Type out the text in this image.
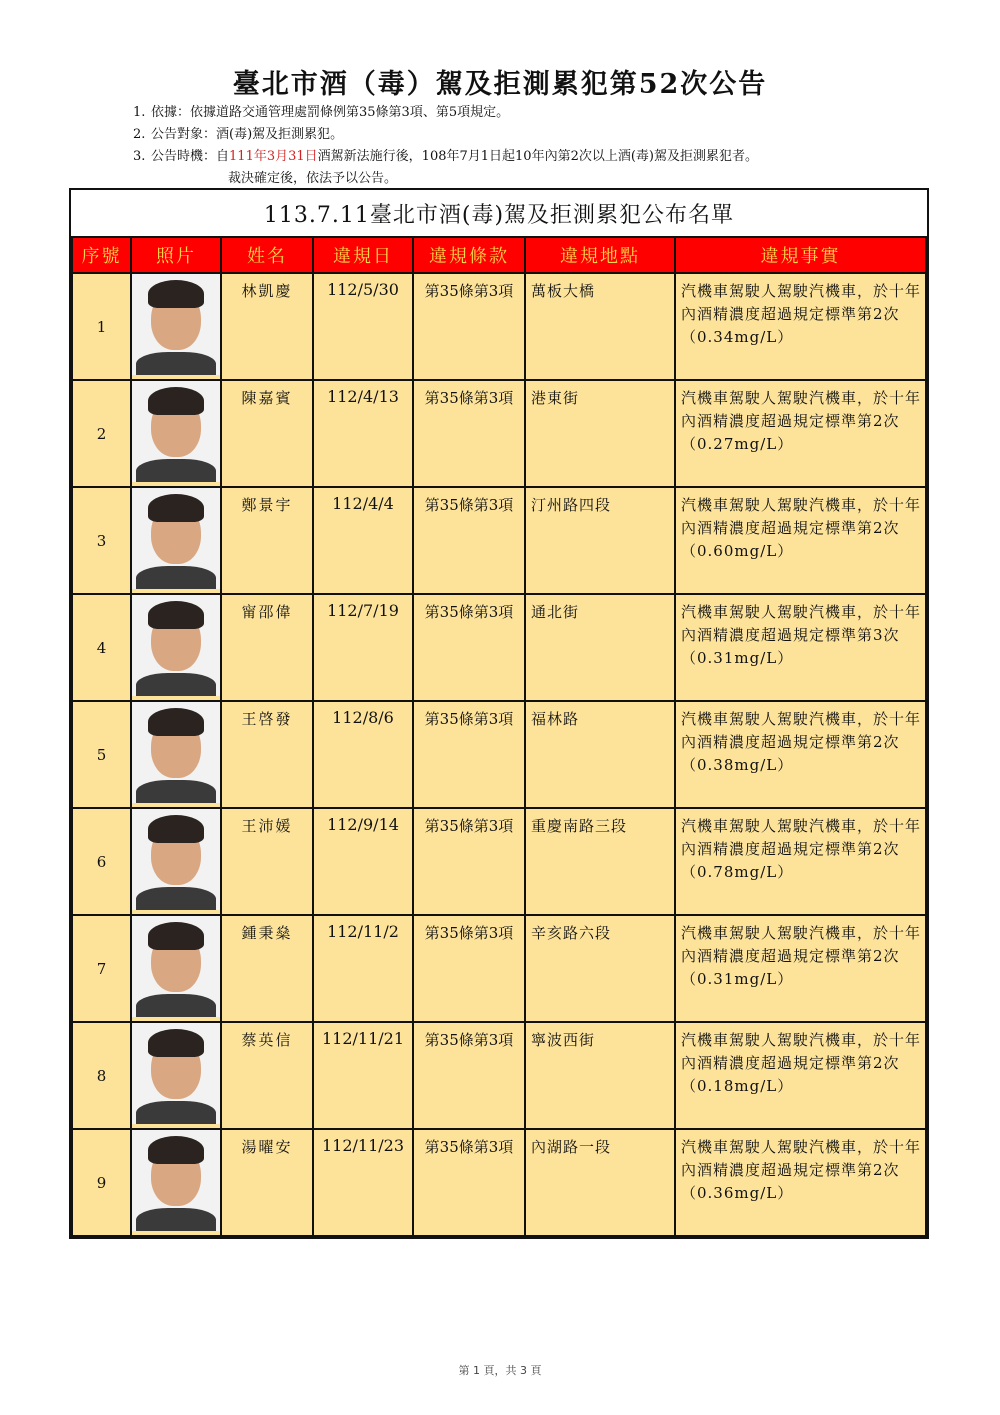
臺北市酒（毒）駕及拒測累犯第52次公告
1. 依據： 依據道路交通管理處罰條例第35條第3項、第5項規定。
2. 公告對象： 酒(毒)駕及拒測累犯。
3. 公告時機： 自 111年3月31日 酒駕新法施行後，108年7月1日起10年內第2次以上酒(毒)駕及拒測累犯者。
裁決確定後，依法予以公告。
113.7.11臺北市酒(毒)駕及拒測累犯公布名單
序號	照片	姓名	違規日	違規條款	違規地點	違規事實
1		林凱慶	112/5/30	第35條第3項	萬板大橋	汽機車駕駛人駕駛汽機車，於十年內酒精濃度超過規定標準第2次（0.34mg/L）
2		陳嘉賓	112/4/13	第35條第3項	港東街	汽機車駕駛人駕駛汽機車，於十年內酒精濃度超過規定標準第2次（0.27mg/L）
3		鄭景宇	112/4/4	第35條第3項	汀州路四段	汽機車駕駛人駕駛汽機車，於十年內酒精濃度超過規定標準第2次（0.60mg/L）
4		甯邵偉	112/7/19	第35條第3項	通北街	汽機車駕駛人駕駛汽機車，於十年內酒精濃度超過規定標準第3次（0.31mg/L）
5		王啓發	112/8/6	第35條第3項	福林路	汽機車駕駛人駕駛汽機車，於十年內酒精濃度超過規定標準第2次（0.38mg/L）
6		王沛媛	112/9/14	第35條第3項	重慶南路三段	汽機車駕駛人駕駛汽機車，於十年內酒精濃度超過規定標準第2次（0.78mg/L）
7		鍾秉燊	112/11/2	第35條第3項	辛亥路六段	汽機車駕駛人駕駛汽機車，於十年內酒精濃度超過規定標準第2次（0.31mg/L）
8		蔡英信	112/11/21	第35條第3項	寧波西街	汽機車駕駛人駕駛汽機車，於十年內酒精濃度超過規定標準第2次（0.18mg/L）
9		湯曜安	112/11/23	第35條第3項	內湖路一段	汽機車駕駛人駕駛汽機車，於十年內酒精濃度超過規定標準第2次（0.36mg/L）
第 1 頁，共 3 頁
